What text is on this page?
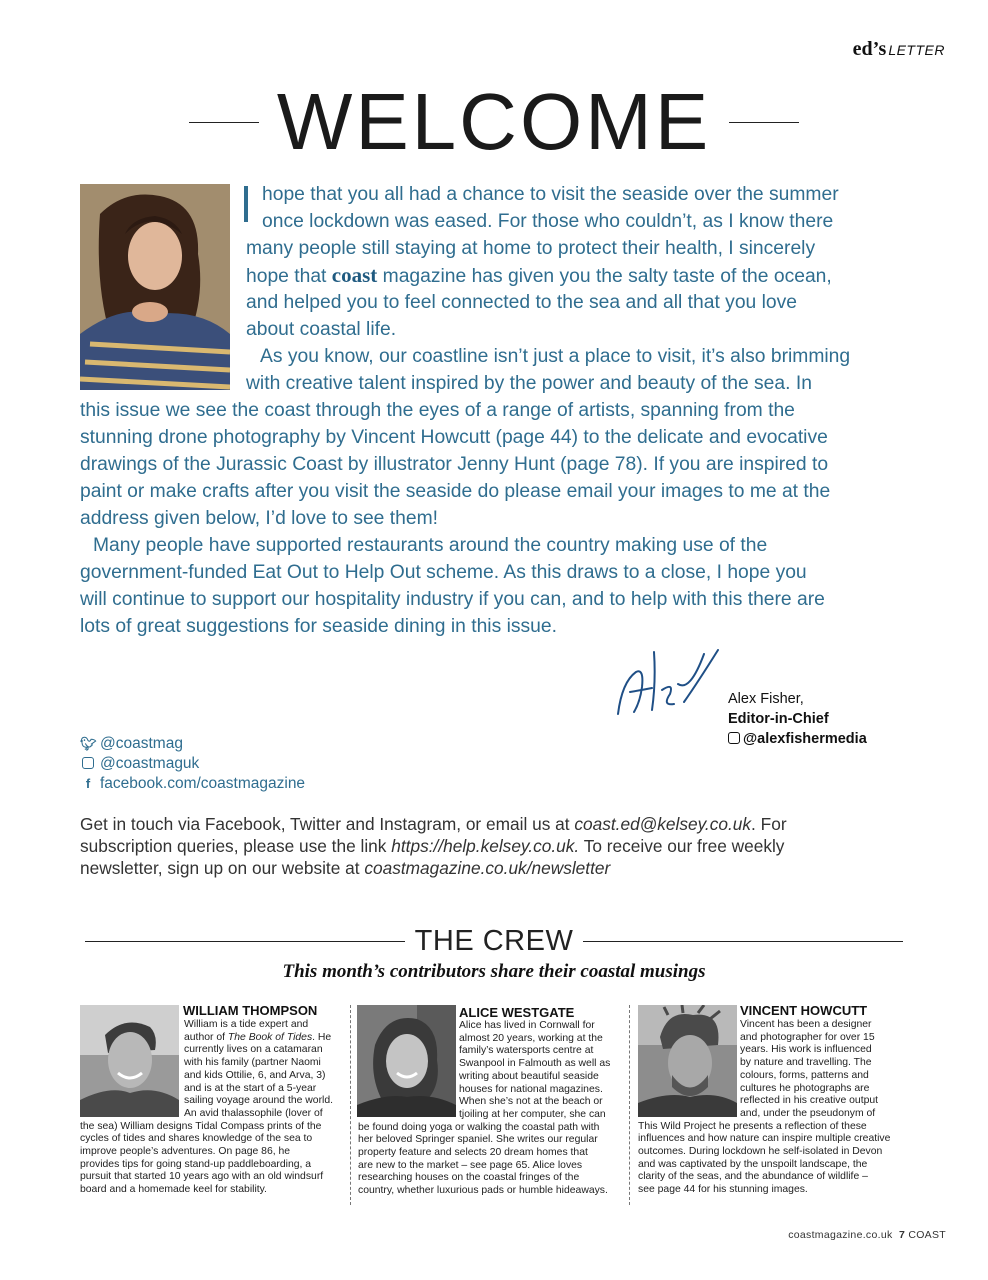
ed’s LETTER
WELCOME
hope that you all had a chance to visit the seaside over the summer
once lockdown was eased. For those who couldn’t, as I know there
many people still staying at home to protect their health, I sincerely
hope that coast magazine has given you the salty taste of the ocean,
and helped you to feel connected to the sea and all that you love
about coastal life.
As you know, our coastline isn’t just a place to visit, it’s also brimming
with creative talent inspired by the power and beauty of the sea. In
this issue we see the coast through the eyes of a range of artists, spanning from the
stunning drone photography by Vincent Howcutt (page 44) to the delicate and evocative
drawings of the Jurassic Coast by illustrator Jenny Hunt (page 78). If you are inspired to
paint or make crafts after you visit the seaside do please email your images to me at the
address given below, I’d love to see them!
Many people have supported restaurants around the country making use of the
government-funded Eat Out to Help Out scheme. As this draws to a close, I hope you
will continue to support our hospitality industry if you can, and to help with this there are
lots of great suggestions for seaside dining in this issue.
Alex Fisher,
Editor-in-Chief
@alexfishermedia
🐦︎ @coastmag
@coastmaguk
f facebook.com/coastmagazine
Get in touch via Facebook, Twitter and Instagram, or email us at coast.ed@kelsey.co.uk. For
subscription queries, please use the link https://help.kelsey.co.uk. To receive our free weekly
newsletter, sign up on our website at coastmagazine.co.uk/newsletter
THE CREW
This month’s contributors share their coastal musings
WILLIAM THOMPSON
William is a tide expert and
author of The Book of Tides. He
currently lives on a catamaran
with his family (partner Naomi
and kids Ottilie, 6, and Arva, 3)
and is at the start of a 5-year
sailing voyage around the world.
An avid thalassophile (lover of
the sea) William designs Tidal Compass prints of the
cycles of tides and shares knowledge of the sea to
improve people’s adventures. On page 86, he
provides tips for going stand-up paddleboarding, a
pursuit that started 10 years ago with an old windsurf
board and a homemade keel for stability.
ALICE WESTGATE
Alice has lived in Cornwall for
almost 20 years, working at the
family’s watersports centre at
Swanpool in Falmouth as well as
writing about beautiful seaside
houses for national magazines.
When she’s not at the beach or
tjoiling at her computer, she can
be found doing yoga or walking the coastal path with
her beloved Springer spaniel. She writes our regular
property feature and selects 20 dream homes that
are new to the market – see page 65. Alice loves
researching houses on the coastal fringes of the
country, whether luxurious pads or humble hideaways.
VINCENT HOWCUTT
Vincent has been a designer
and photographer for over 15
years. His work is influenced
by nature and travelling. The
colours, forms, patterns and
cultures he photographs are
reflected in his creative output
and, under the pseudonym of
This Wild Project he presents a reflection of these
influences and how nature can inspire multiple creative
outcomes. During lockdown he self-isolated in Devon
and was captivated by the unspoilt landscape, the
clarity of the seas, and the abundance of wildlife –
see page 44 for his stunning images.
coastmagazine.co.uk 7 COAST
